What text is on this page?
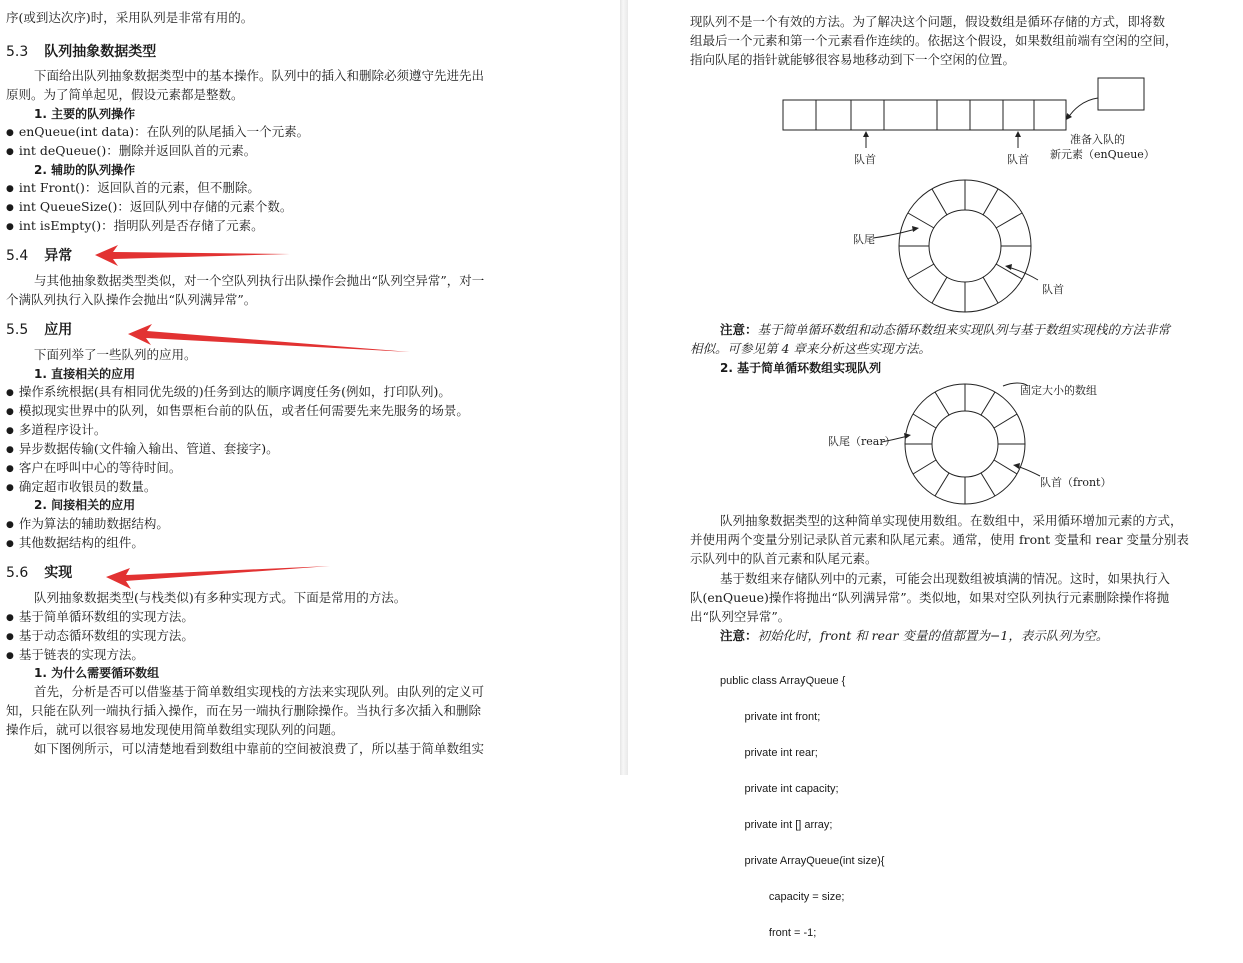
序(或到达次序)时，采用队列是非常有用的。
5.3 队列抽象数据类型
下面给出队列抽象数据类型中的基本操作。队列中的插入和删除必须遵守先进先出
原则。为了简单起见，假设元素都是整数。
1. 主要的队列操作
● enQueue(int data)：在队列的队尾插入一个元素。
● int deQueue()：删除并返回队首的元素。
2. 辅助的队列操作
● int Front()：返回队首的元素，但不删除。
● int QueueSize()：返回队列中存储的元素个数。
● int isEmpty()：指明队列是否存储了元素。
5.4 异常
与其他抽象数据类型类似，对一个空队列执行出队操作会抛出“队列空异常”，对一
个满队列执行入队操作会抛出“队列满异常”。
5.5 应用
下面列举了一些队列的应用。
1. 直接相关的应用
● 操作系统根据(具有相同优先级的)任务到达的顺序调度任务(例如，打印队列)。
● 模拟现实世界中的队列，如售票柜台前的队伍，或者任何需要先来先服务的场景。
● 多道程序设计。
● 异步数据传输(文件输入输出、管道、套接字)。
● 客户在呼叫中心的等待时间。
● 确定超市收银员的数量。
2. 间接相关的应用
● 作为算法的辅助数据结构。
● 其他数据结构的组件。
5.6 实现
队列抽象数据类型(与栈类似)有多种实现方式。下面是常用的方法。
● 基于简单循环数组的实现方法。
● 基于动态循环数组的实现方法。
● 基于链表的实现方法。
1. 为什么需要循环数组
首先，分析是否可以借鉴基于简单数组实现栈的方法来实现队列。由队列的定义可
知，只能在队列一端执行插入操作，而在另一端执行删除操作。当执行多次插入和删除
操作后，就可以很容易地发现使用简单数组实现队列的问题。
如下图例所示，可以清楚地看到数组中靠前的空间被浪费了，所以基于简单数组实
现队列不是一个有效的方法。为了解决这个问题，假设数组是循环存储的方式，即将数
组最后一个元素和第一个元素看作连续的。依据这个假设，如果数组前端有空闲的空间，
指向队尾的指针就能够很容易地移动到下一个空闲的位置。
队首	队首
准备入队的
新元素（enQueue）
队尾
队首
注意：基于简单循环数组和动态循环数组来实现队列与基于数组实现栈的方法非常
相似。可参见第 4 章来分析这些实现方法。
2. 基于简单循环数组实现队列
固定大小的数组
队尾（rear）
队首（front）
队列抽象数据类型的这种简单实现使用数组。在数组中，采用循环增加元素的方式，
并使用两个变量分别记录队首元素和队尾元素。通常，使用 front 变量和 rear 变量分别表
示队列中的队首元素和队尾元素。
基于数组来存储队列中的元素，可能会出现数组被填满的情况。这时，如果执行入
队(enQueue)操作将抛出“队列满异常”。类似地，如果对空队列执行元素删除操作将抛
出“队列空异常”。
注意：初始化时，front 和 rear 变量的值都置为−1，表示队列为空。

public class ArrayQueue {

private int front;

private int rear;

private int capacity;

private int [] array;

private ArrayQueue(int size){

capacity = size;

front = -1;
